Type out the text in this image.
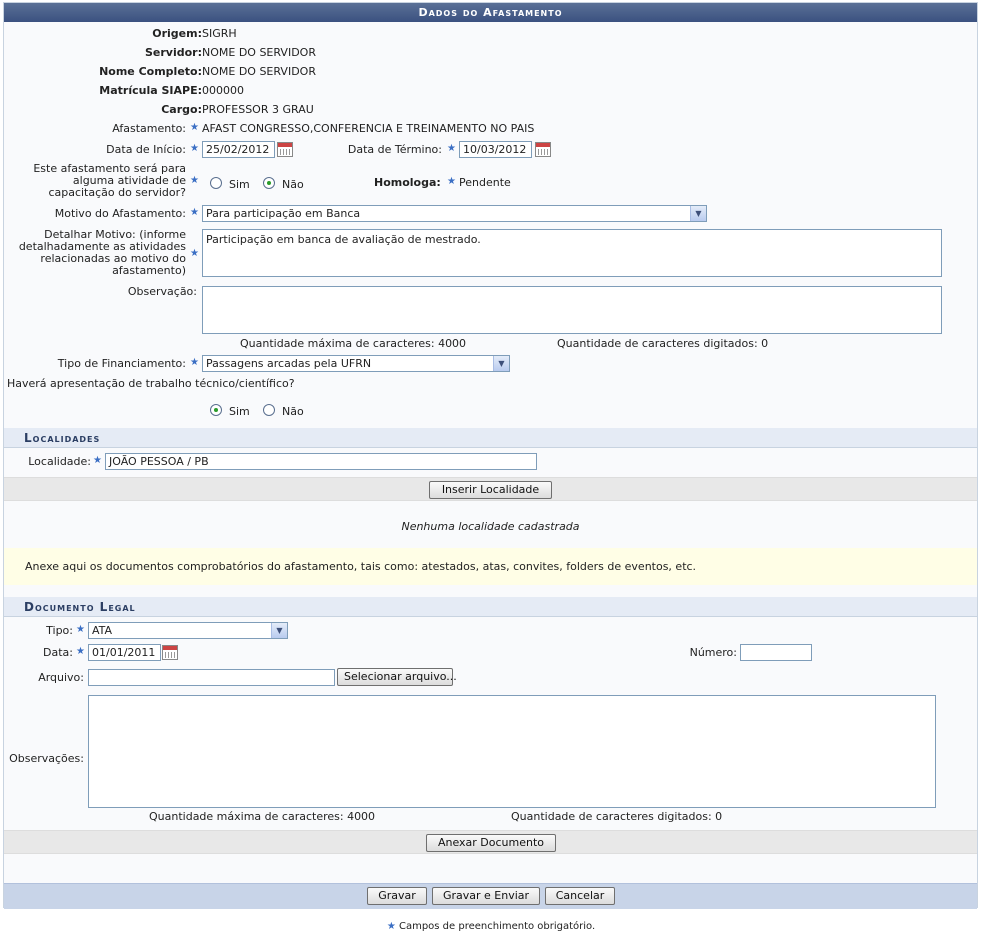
Dados do Afastamento
Origem: SIGRH
Servidor: NOME DO SERVIDOR
Nome Completo: NOME DO SERVIDOR
Matrícula SIAPE: 000000
Cargo: PROFESSOR 3 GRAU
Afastamento: ★ AFAST CONGRESSO,CONFERENCIA E TREINAMENTO NO PAIS
Data de Início: ★ 25/02/2012	Data de Término: ★ 10/03/2012
Este afastamento será para
alguma atividade de
capacitação do servidor?
★	Sim	Não	Homologa: ★ Pendente
Motivo do Afastamento: ★ Para participação em Banca	▼
Detalhar Motivo: (informe
detalhadamente as atividades
relacionadas ao motivo do
afastamento)
★
Participação em banca de avaliação de mestrado.
Observação:
Quantidade máxima de caracteres: 4000	Quantidade de caracteres digitados: 0
Tipo de Financiamento: ★ Passagens arcadas pela UFRN	▼
Haverá apresentação de trabalho técnico/científico?
Sim	Não
Localidades
Localidade: ★ JOÃO PESSOA / PB
Inserir Localidade
Nenhuma localidade cadastrada
Anexe aqui os documentos comprobatórios do afastamento, tais como: atestados, atas, convites, folders de eventos, etc.
Documento Legal
Tipo: ★ ATA	▼
Data: ★ 01/01/2011	Número:
Arquivo:	Selecionar arquivo...
Observações:
Quantidade máxima de caracteres: 4000	Quantidade de caracteres digitados: 0
Anexar Documento
Gravar	Gravar e Enviar	Cancelar
★ Campos de preenchimento obrigatório.
